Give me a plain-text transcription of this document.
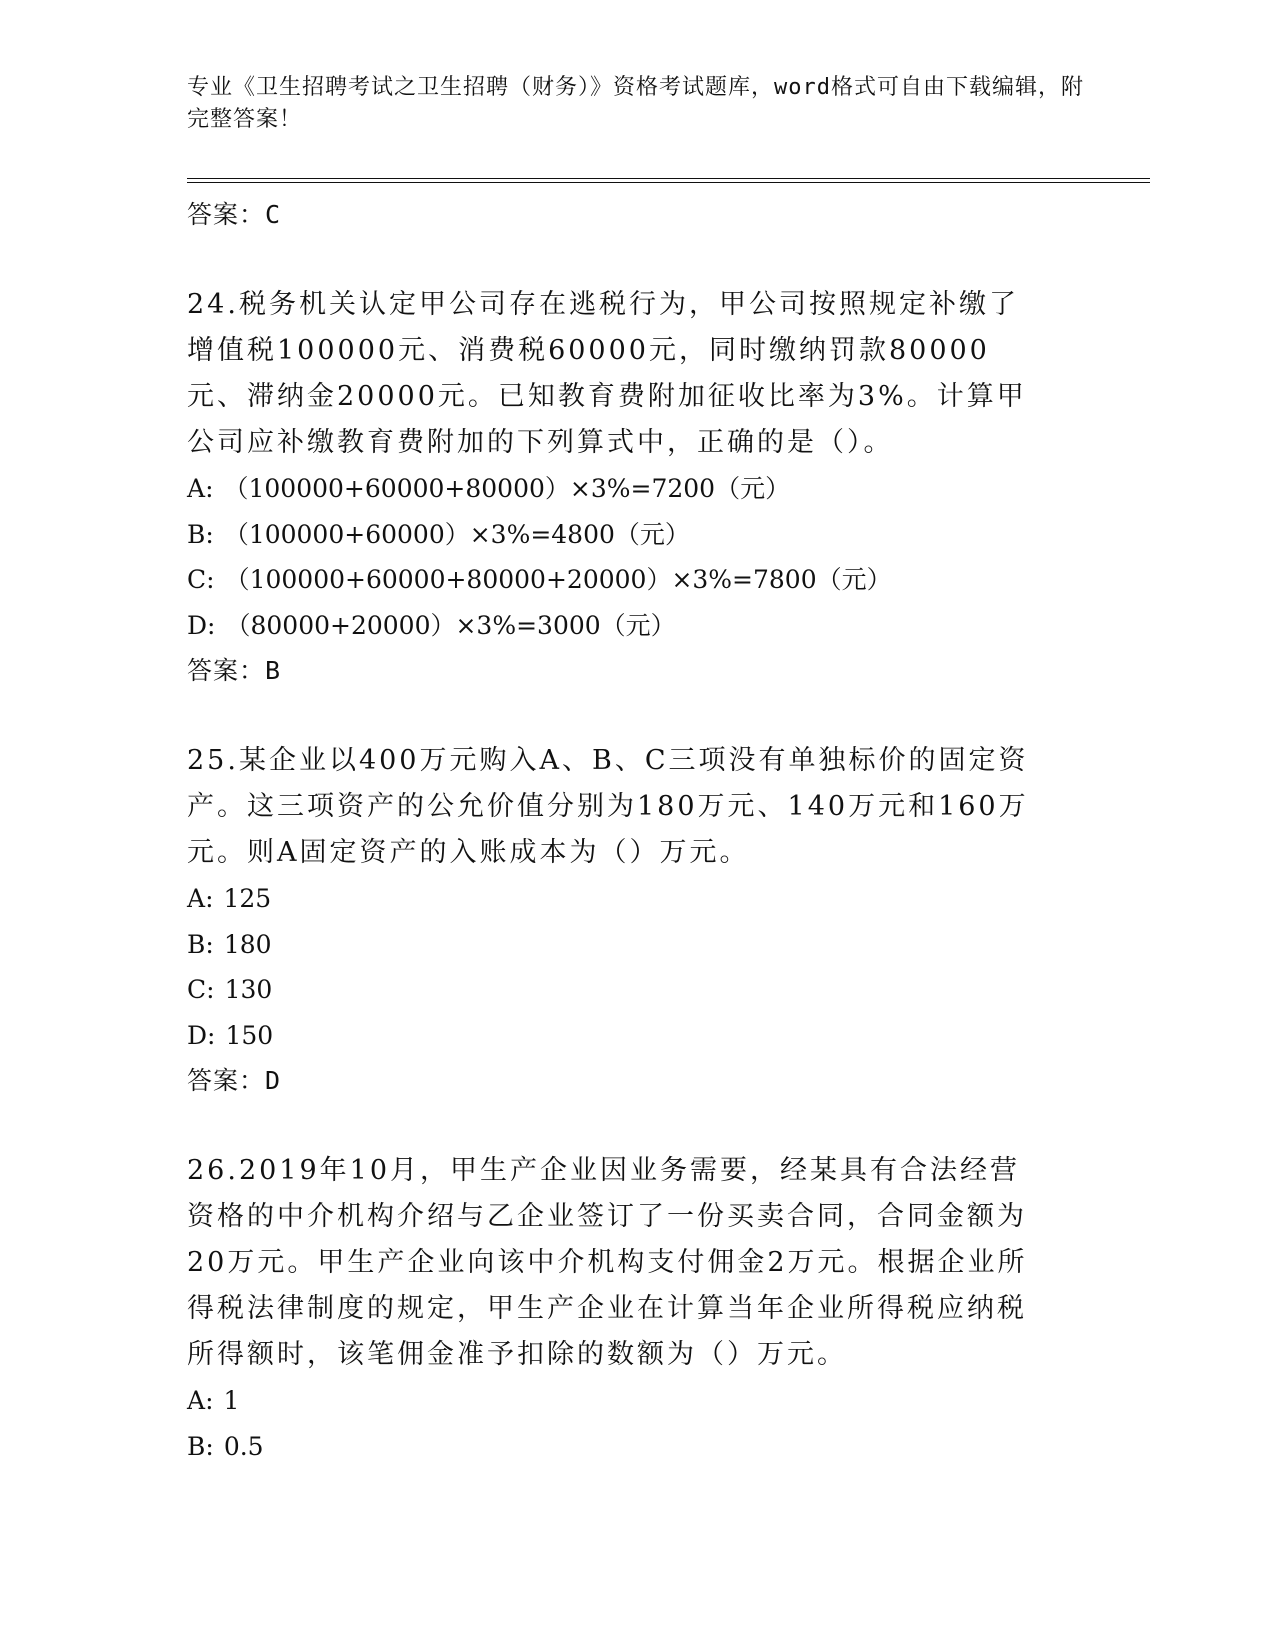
专业《卫生招聘考试之卫生招聘（财务）》资格考试题库，word格式可自由下载编辑，附完整答案！
答案：C
24.税务机关认定甲公司存在逃税行为，甲公司按照规定补缴了增值税100000元、消费税60000元，同时缴纳罚款80000元、滞纳金20000元。已知教育费附加征收比率为3%。计算甲公司应补缴教育费附加的下列算式中，正确的是（）。
A: （100000+60000+80000）×3%=7200（元）
B: （100000+60000）×3%=4800（元）
C: （100000+60000+80000+20000）×3%=7800（元）
D: （80000+20000）×3%=3000（元）
答案：B
25.某企业以400万元购入A、B、C三项没有单独标价的固定资产。这三项资产的公允价值分别为180万元、140万元和160万元。则A固定资产的入账成本为（）万元。
A: 125
B: 180
C: 130
D: 150
答案：D
26.2019年10月，甲生产企业因业务需要，经某具有合法经营资格的中介机构介绍与乙企业签订了一份买卖合同，合同金额为20万元。甲生产企业向该中介机构支付佣金2万元。根据企业所得税法律制度的规定，甲生产企业在计算当年企业所得税应纳税所得额时，该笔佣金准予扣除的数额为（）万元。
A: 1
B: 0.5
